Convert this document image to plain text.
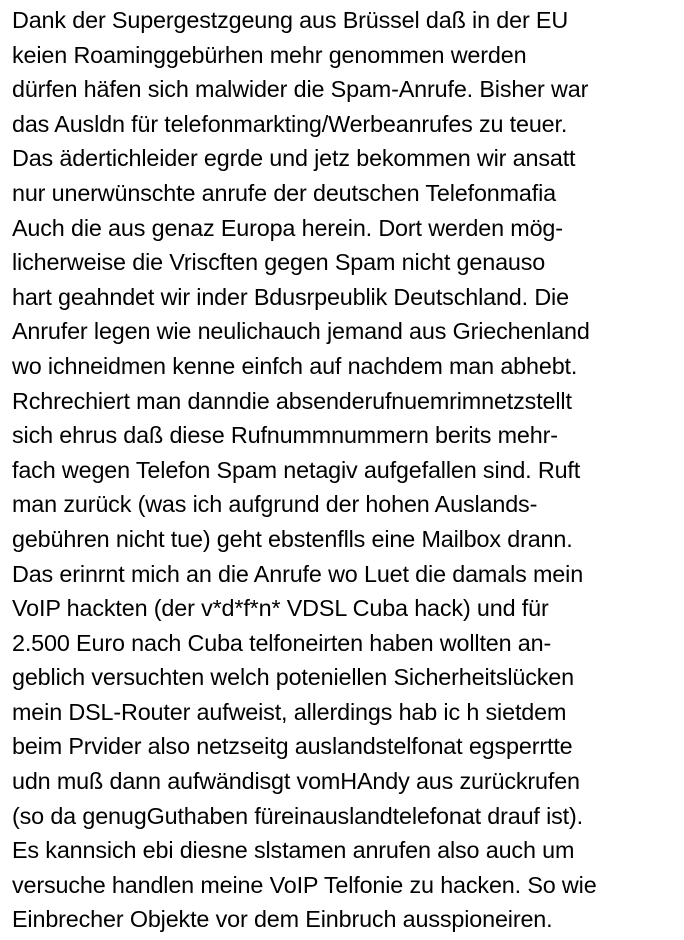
Dank der Supergestzgeung aus Brüssel daß in der EU
keien Roaminggebürhen mehr genommen werden
dürfen häfen sich malwider die Spam-Anrufe. Bisher war
das Ausldn für telefonmarkting/Werbeanrufes zu teuer.
Das ädertichleider egrde und jetz bekommen wir ansatt
nur unerwünschte anrufe der deutschen Telefonmafia
Auch die aus genaz Europa herein. Dort werden mög-
licherweise die Vriscften gegen Spam nicht genauso
hart geahndet wir inder Bdusrpeublik Deutschland. Die
Anrufer legen wie neulichauch jemand aus Griechenland
wo ichneidmen kenne einfch auf nachdem man abhebt.
Rchrechiert man danndie absenderufnuemrimnetzstellt
sich ehrus daß diese Rufnummnummern berits mehr-
fach wegen Telefon Spam netagiv aufgefallen sind. Ruft
man zurück (was ich aufgrund der hohen Auslands-
gebühren nicht tue) geht ebstenflls eine Mailbox drann.
Das erinrnt mich an die Anrufe wo Luet die damals mein
VoIP hackten (der v*d*f*n* VDSL Cuba hack) und für
2.500 Euro nach Cuba telfoneirten haben wollten an-
geblich versuchten welch poteniellen Sicherheitslücken
mein DSL-Router aufweist, allerdings hab ic h sietdem
beim Prvider also netzseitg auslandstelfonat egsperrtte
udn muß dann aufwändisgt vomHAndy aus zurückrufen
(so da genugGuthaben füreinauslandtelefonat drauf ist).
Es kannsich ebi diesne slstamen anrufen also auch um
versuche handlen meine VoIP Telfonie zu hacken. So wie
Einbrecher Objekte vor dem Einbruch ausspioneiren.
